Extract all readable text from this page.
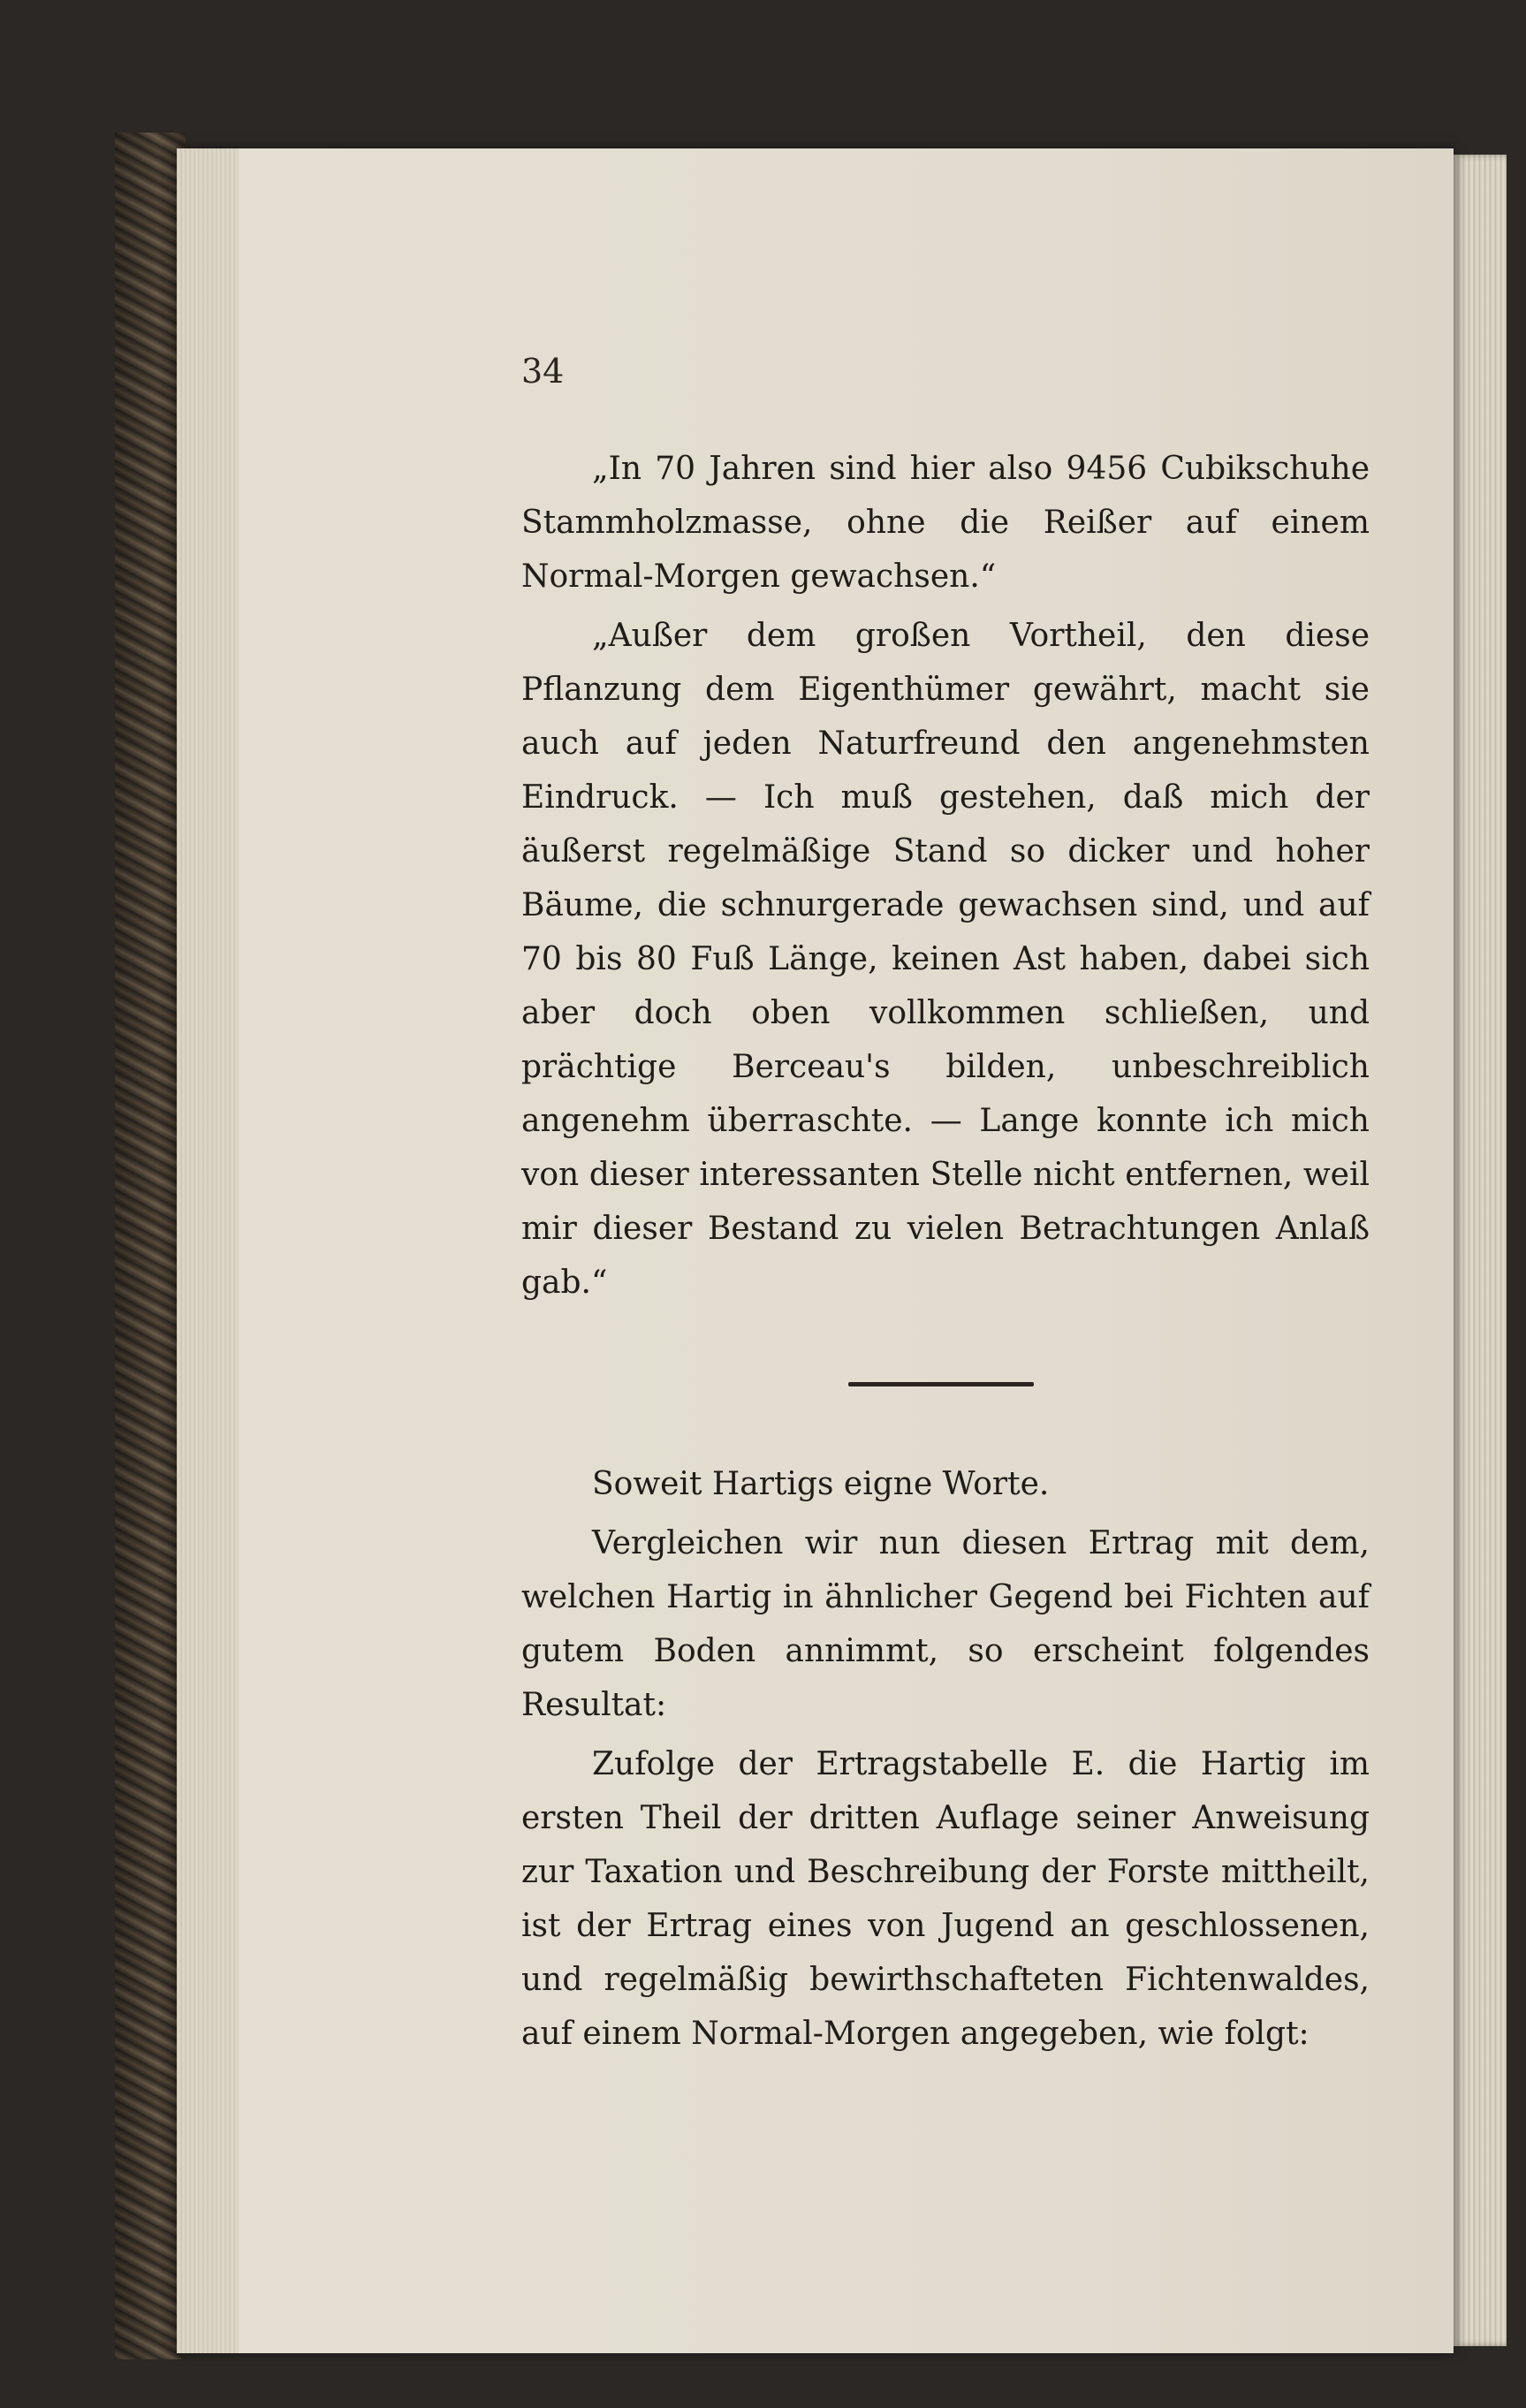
34

„In 70 Jahren sind hier also 9456 Cubikschuhe Stammholzmasse, ohne die Reißer auf einem Normal-Morgen gewachsen.“

„Außer dem großen Vortheil, den diese Pflanzung dem Eigenthümer gewährt, macht sie auch auf jeden Naturfreund den angenehmsten Eindruck. — Ich muß gestehen, daß mich der äußerst regelmäßige Stand so dicker und hoher Bäume, die schnurgerade gewachsen sind, und auf 70 bis 80 Fuß Länge, keinen Ast haben, dabei sich aber doch oben vollkommen schließen, und prächtige Berceau's bilden, unbeschreiblich angenehm überraschte. — Lange konnte ich mich von dieser interessanten Stelle nicht entfernen, weil mir dieser Bestand zu vielen Betrachtungen Anlaß gab.“

Soweit Hartigs eigne Worte.

Vergleichen wir nun diesen Ertrag mit dem, welchen Hartig in ähnlicher Gegend bei Fichten auf gutem Boden annimmt, so erscheint folgendes Resultat:

Zufolge der Ertragstabelle E. die Hartig im ersten Theil der dritten Auflage seiner Anweisung zur Taxation und Beschreibung der Forste mittheilt, ist der Ertrag eines von Jugend an geschlossenen, und regelmäßig bewirthschafteten Fichtenwaldes, auf einem Normal-Morgen angegeben, wie folgt:
